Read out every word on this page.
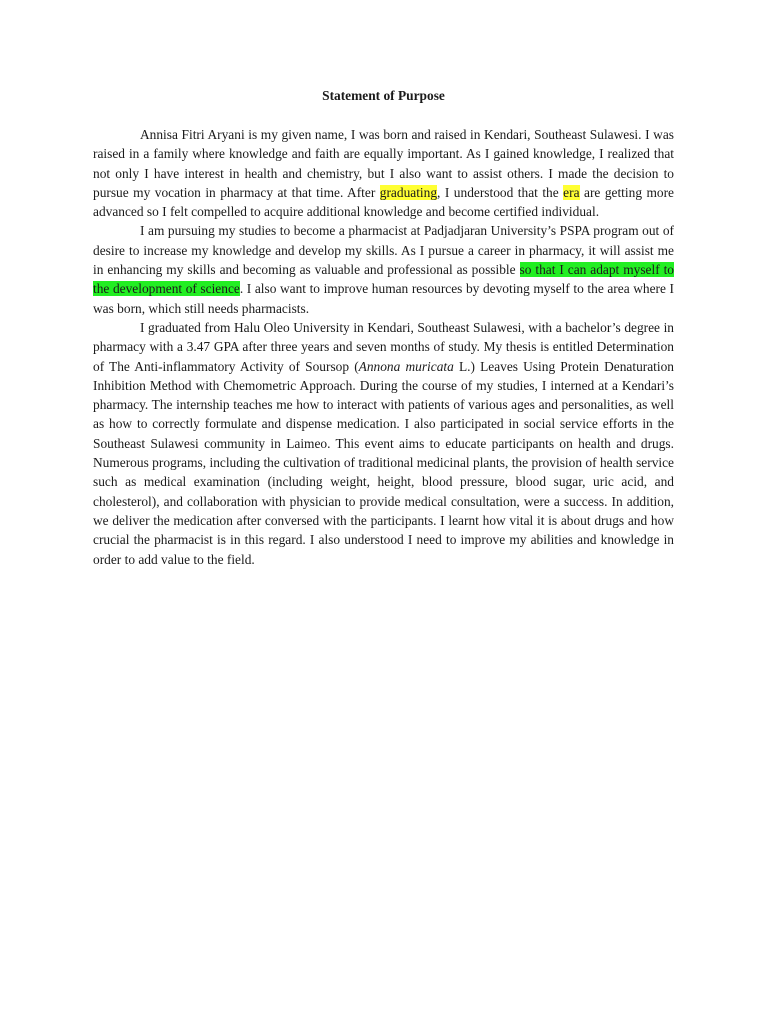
Statement of Purpose

Annisa Fitri Aryani is my given name, I was born and raised in Kendari, Southeast Sulawesi. I was raised in a family where knowledge and faith are equally important. As I gained knowledge, I realized that not only I have interest in health and chemistry, but I also want to assist others. I made the decision to pursue my vocation in pharmacy at that time. After graduating, I understood that the era are getting more advanced so I felt compelled to acquire additional knowledge and become certified individual.

I am pursuing my studies to become a pharmacist at Padjadjaran University’s PSPA program out of desire to increase my knowledge and develop my skills. As I pursue a career in pharmacy, it will assist me in enhancing my skills and becoming as valuable and professional as possible so that I can adapt myself to the development of science. I also want to improve human resources by devoting myself to the area where I was born, which still needs pharmacists.

I graduated from Halu Oleo University in Kendari, Southeast Sulawesi, with a bachelor’s degree in pharmacy with a 3.47 GPA after three years and seven months of study. My thesis is entitled Determination of The Anti-inflammatory Activity of Soursop (Annona muricata L.) Leaves Using Protein Denaturation Inhibition Method with Chemometric Approach. During the course of my studies, I interned at a Kendari’s pharmacy. The internship teaches me how to interact with patients of various ages and personalities, as well as how to correctly formulate and dispense medication. I also participated in social service efforts in the Southeast Sulawesi community in Laimeo. This event aims to educate participants on health and drugs. Numerous programs, including the cultivation of traditional medicinal plants, the provision of health service such as medical examination (including weight, height, blood pressure, blood sugar, uric acid, and cholesterol), and collaboration with physician to provide medical consultation, were a success. In addition, we deliver the medication after conversed with the participants. I learnt how vital it is about drugs and how crucial the pharmacist is in this regard. I also understood I need to improve my abilities and knowledge in order to add value to the field.
